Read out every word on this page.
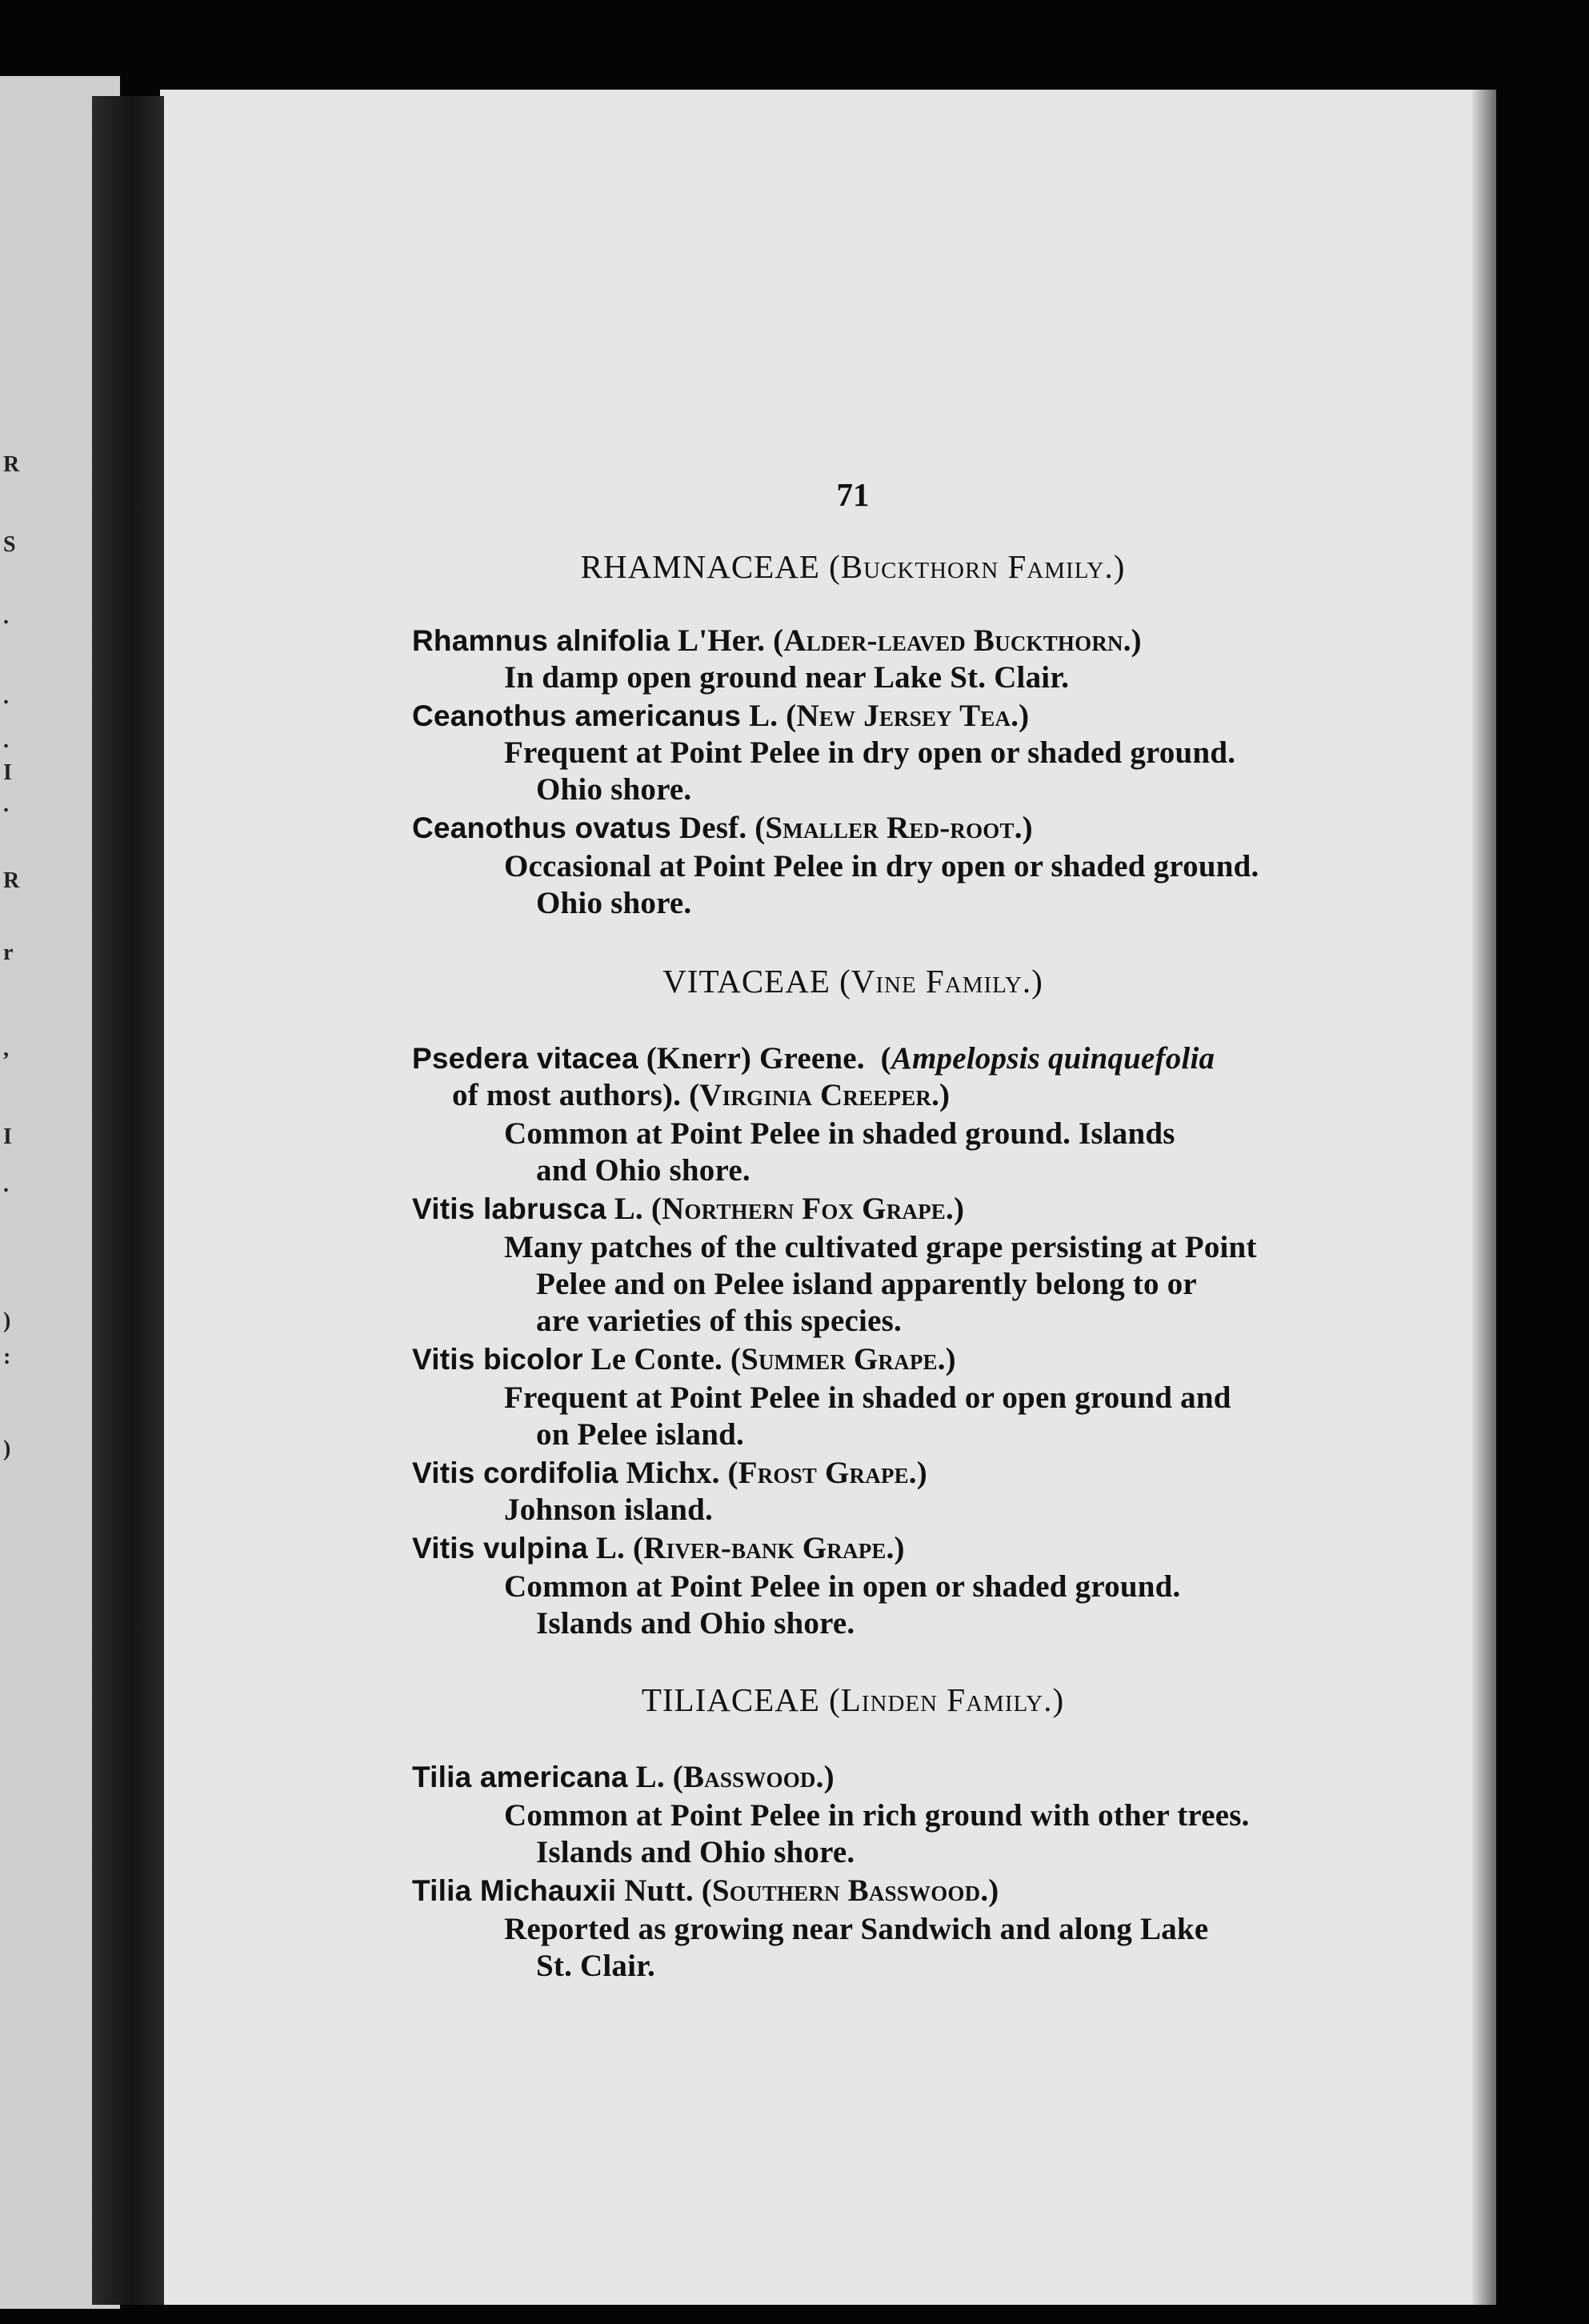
R
S
.
.
.
I
.
R
r
,
I
.
)
:
)
71
RHAMNACEAE (Buckthorn Family.)
Rhamnus alnifolia L'Her. (Alder-leaved Buckthorn.)
In damp open ground near Lake St. Clair.
Ceanothus americanus L. (New Jersey Tea.)
Frequent at Point Pelee in dry open or shaded ground.
Ohio shore.
Ceanothus ovatus Desf. (Smaller Red-root.)
Occasional at Point Pelee in dry open or shaded ground.
Ohio shore.
VITACEAE (Vine Family.)
Psedera vitacea (Knerr) Greene. (Ampelopsis quinquefolia
of most authors). (Virginia Creeper.)
Common at Point Pelee in shaded ground. Islands
and Ohio shore.
Vitis labrusca L. (Northern Fox Grape.)
Many patches of the cultivated grape persisting at Point
Pelee and on Pelee island apparently belong to or
are varieties of this species.
Vitis bicolor Le Conte. (Summer Grape.)
Frequent at Point Pelee in shaded or open ground and
on Pelee island.
Vitis cordifolia Michx. (Frost Grape.)
Johnson island.
Vitis vulpina L. (River-bank Grape.)
Common at Point Pelee in open or shaded ground.
Islands and Ohio shore.
TILIACEAE (Linden Family.)
Tilia americana L. (Basswood.)
Common at Point Pelee in rich ground with other trees.
Islands and Ohio shore.
Tilia Michauxii Nutt. (Southern Basswood.)
Reported as growing near Sandwich and along Lake
St. Clair.
